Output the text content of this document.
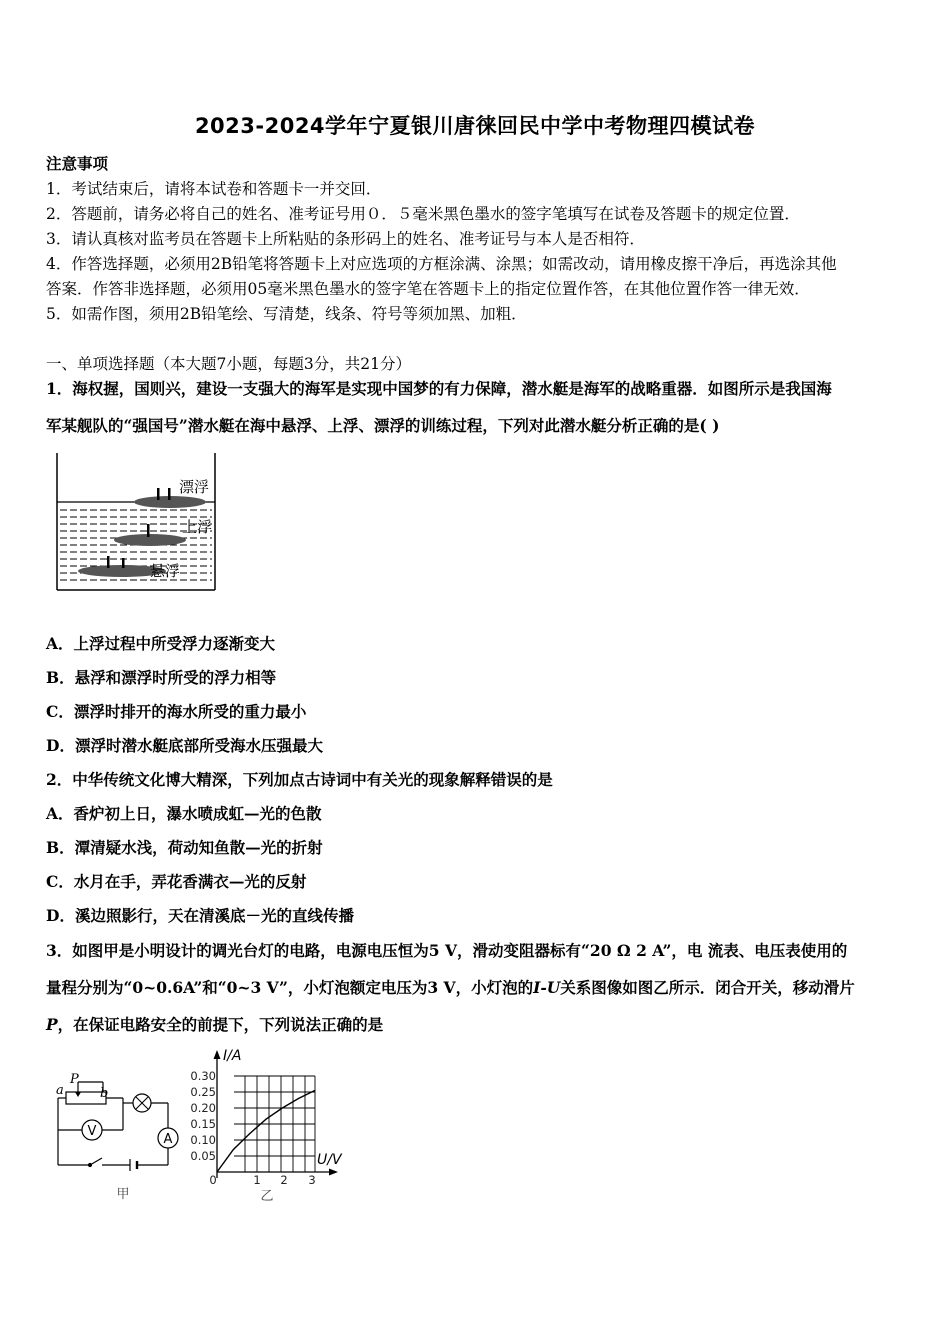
2023-2024学年宁夏银川唐徕回民中学中考物理四模试卷
注意事项
1．考试结束后，请将本试卷和答题卡一并交回．
2．答题前，请务必将自己的姓名、准考证号用０．５毫米黑色墨水的签字笔填写在试卷及答题卡的规定位置．
3．请认真核对监考员在答题卡上所粘贴的条形码上的姓名、准考证号与本人是否相符．
4．作答选择题，必须用2B铅笔将答题卡上对应选项的方框涂满、涂黑；如需改动，请用橡皮擦干净后，再选涂其他
答案．作答非选择题，必须用05毫米黑色墨水的签字笔在答题卡上的指定位置作答，在其他位置作答一律无效．
5．如需作图，须用2B铅笔绘、写清楚，线条、符号等须加黑、加粗．
一、单项选择题（本大题7小题，每题3分，共21分）
1．海权握，国则兴，建设一支强大的海军是实现中国梦的有力保障，潜水艇是海军的战略重器．如图所示是我国海
军某舰队的“强国号”潜水艇在海中悬浮、上浮、漂浮的训练过程，下列对此潜水艇分析正确的是( )
漂浮
上浮
悬浮
A．上浮过程中所受浮力逐渐变大
B．悬浮和漂浮时所受的浮力相等
C．漂浮时排开的海水所受的重力最小
D．漂浮时潜水艇底部所受海水压强最大
2．中华传统文化博大精深，下列加点古诗词中有关光的现象解释错误的是
A．香炉初上日，瀑水喷成虹—光的色散
B．潭清疑水浅，荷动知鱼散—光的折射
C．水月在手，弄花香满衣—光的反射
D．溪边照影行，天在清溪底－光的直线传播
3．如图甲是小明设计的调光台灯的电路，电源电压恒为5 V，滑动变阻器标有“20 Ω 2 A”，电 流表、电压表使用的
量程分别为“0~0.6A”和“0~3 V”，小灯泡额定电压为3 V，小灯泡的I-U关系图像如图乙所示．闭合开关，移动滑片
P，在保证电路安全的前提下，下列说法正确的是
V
A
a
P
b
甲
I/A
U/V
0.30
0.25
0.20
0.15
0.10
0.05
0	1 2 3
乙
